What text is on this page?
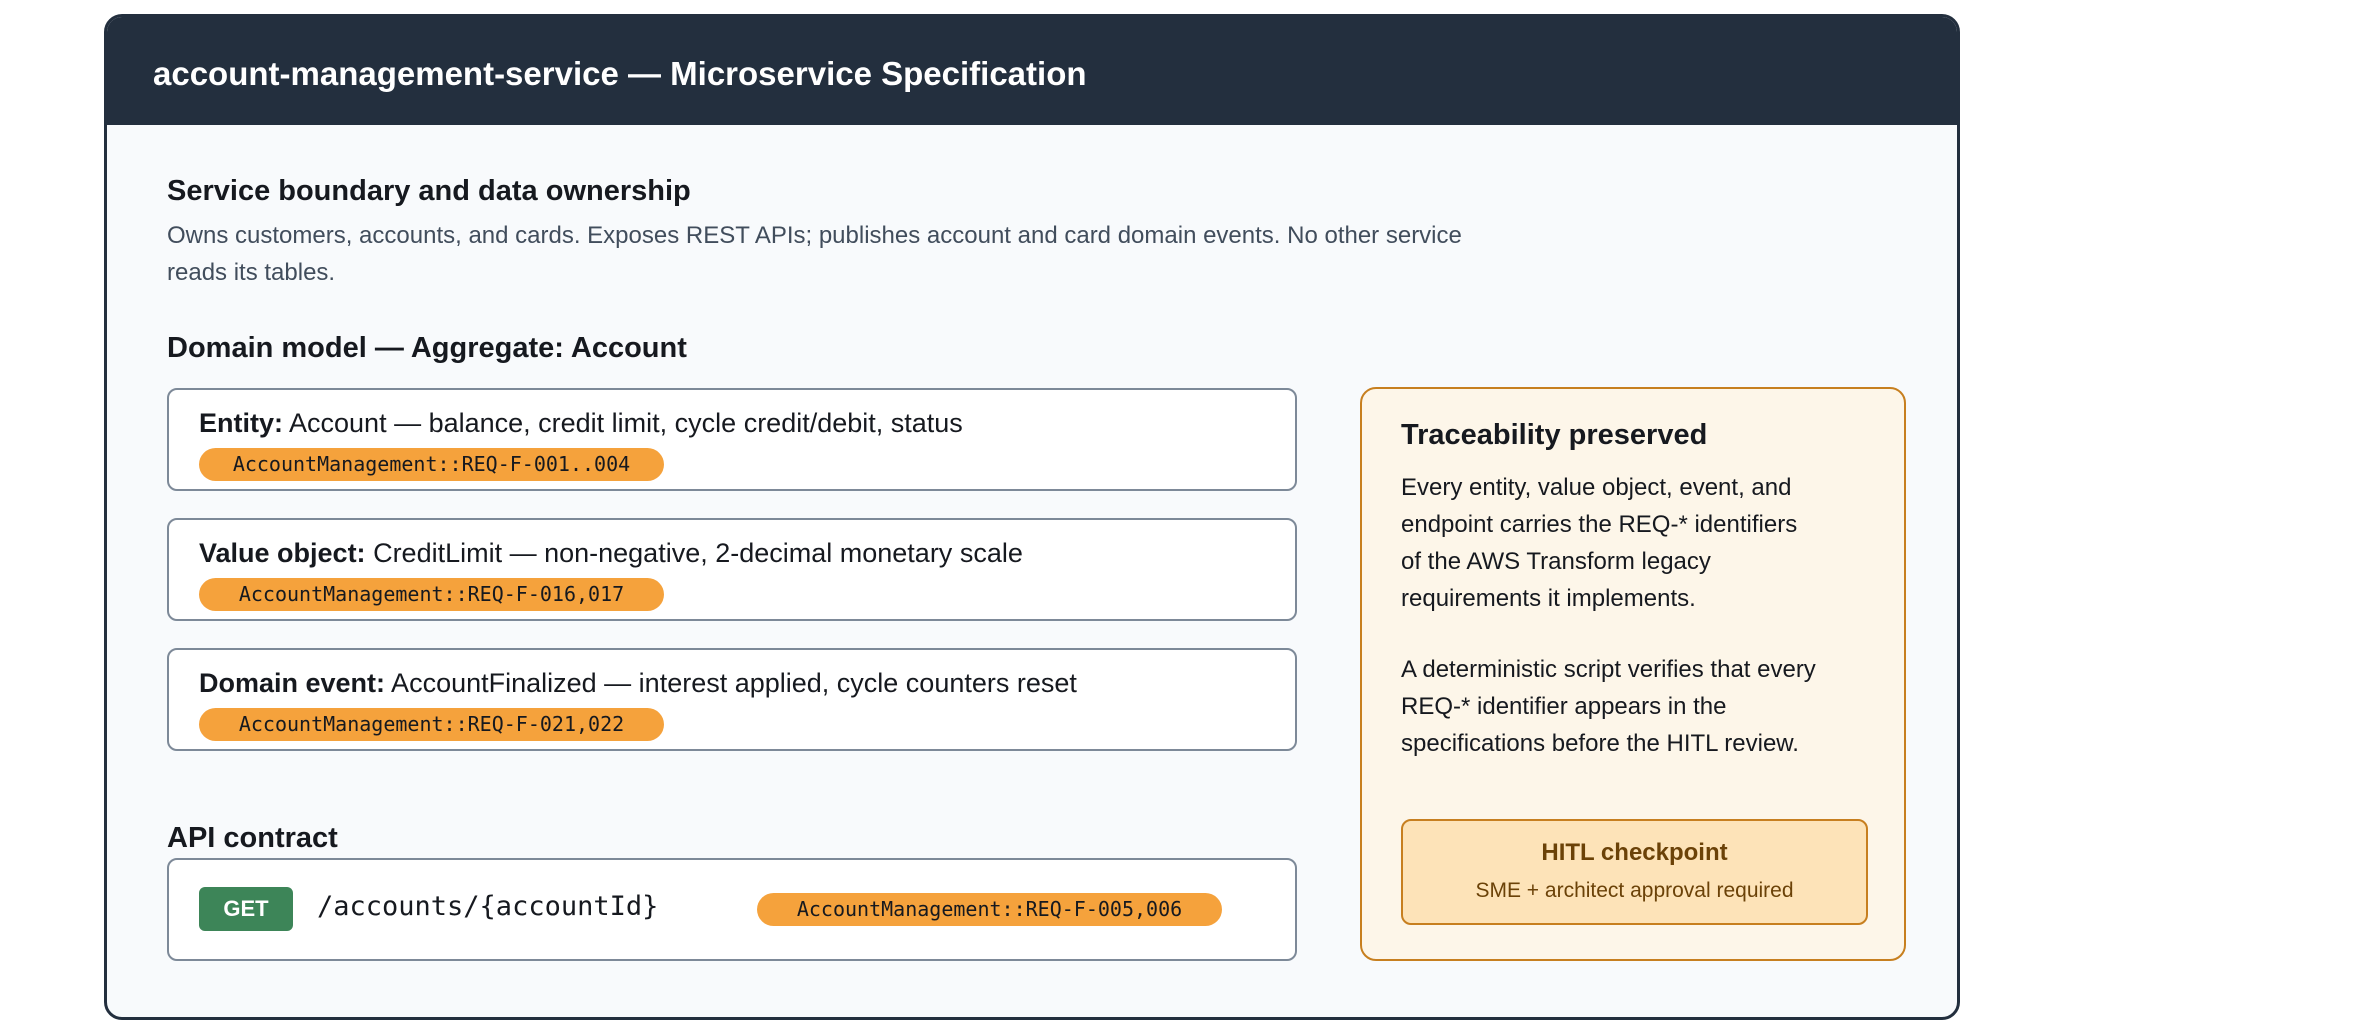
account-management-service — Microservice Specification
Service boundary and data ownership
Owns customers, accounts, and cards. Exposes REST APIs; publishes account and card domain events. No other service reads its tables.
Domain model — Aggregate: Account
Entity: Account — balance, credit limit, cycle credit/debit, status
AccountManagement::REQ-F-001..004
Value object: CreditLimit — non-negative, 2-decimal monetary scale
AccountManagement::REQ-F-016,017
Domain event: AccountFinalized — interest applied, cycle counters reset
AccountManagement::REQ-F-021,022
API contract
GET	/accounts/{accountId}	AccountManagement::REQ-F-005,006
Traceability preserved
Every entity, value object, event, and endpoint carries the REQ-* identifiers of the AWS Transform legacy requirements it implements.
A deterministic script verifies that every REQ-* identifier appears in the specifications before the HITL review.
HITL checkpoint
SME + architect approval required
